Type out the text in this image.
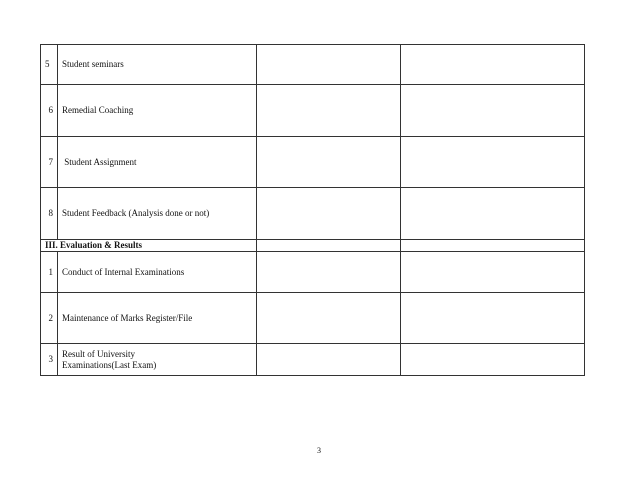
5	Student seminars		
6	Remedial Coaching		
7	Student Assignment		
8	Student Feedback (Analysis done or not)		
III. Evaluation & Results			
1	Conduct of Internal Examinations		
2	Maintenance of Marks Register/File		
3	Result of University
Examinations(Last Exam)		

3
